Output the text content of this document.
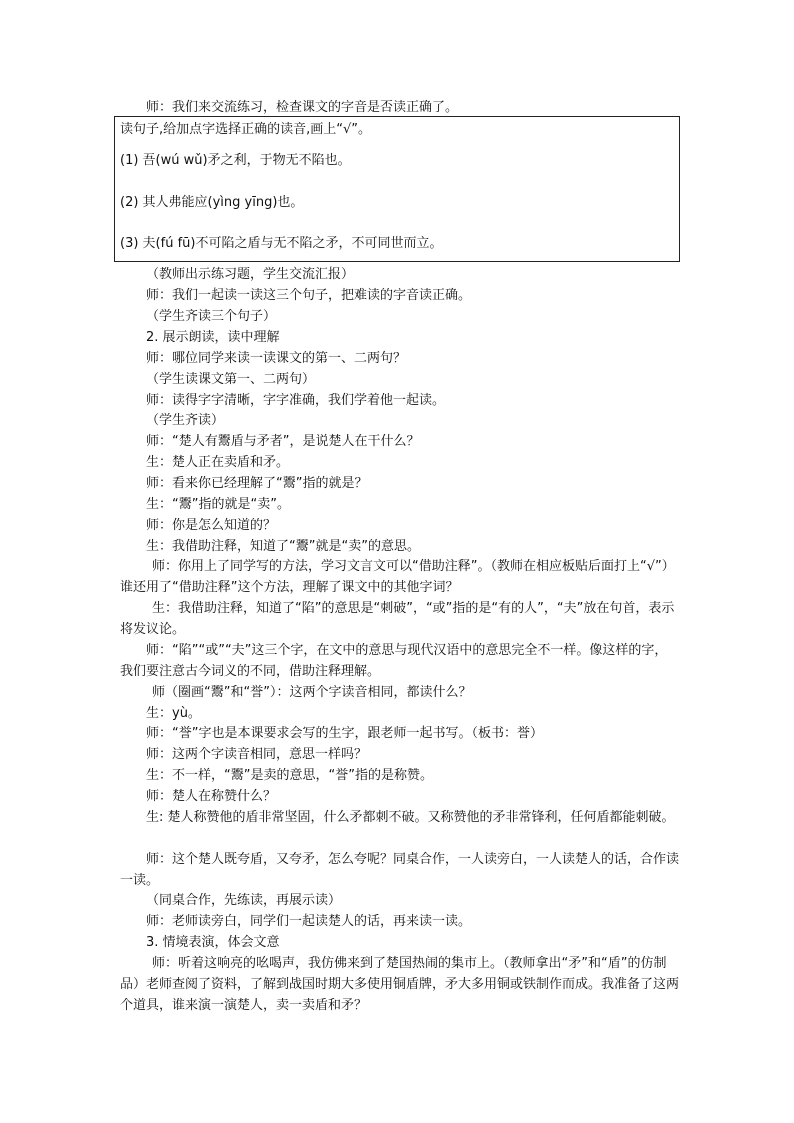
师：我们来交流练习，检查课文的字音是否读正确了。
读句子,给加点字选择正确的读音,画上“√”。
(1) 吾(wú wǔ)矛之利，于物无不陷也。
(2) 其人弗能应(yìng yīng)也。
(3) 夫(fú fū)不可陷之盾与无不陷之矛，不可同世而立。
（教师出示练习题，学生交流汇报）
师：我们一起读一读这三个句子，把难读的字音读正确。
（学生齐读三个句子）
2. 展示朗读，读中理解
师：哪位同学来读一读课文的第一、二两句？
（学生读课文第一、二两句）
师：读得字字清晰，字字准确，我们学着他一起读。
（学生齐读）
师：“楚人有鬻盾与矛者”，是说楚人在干什么？
生：楚人正在卖盾和矛。
师：看来你已经理解了“鬻”指的就是？
生：“鬻”指的就是“卖”。
师：你是怎么知道的？
生：我借助注释，知道了“鬻”就是“卖”的意思。
师：你用上了同学写的方法，学习文言文可以“借助注释”。（教师在相应板贴后面打上“√”）谁还用了“借助注释”这个方法，理解了课文中的其他字词？
生：我借助注释，知道了“陷”的意思是“刺破”，“或”指的是“有的人”，“夫”放在句首，表示将发议论。
师：“陷”“或”“夫”这三个字，在文中的意思与现代汉语中的意思完全不一样。像这样的字，我们要注意古今词义的不同，借助注释理解。
师（圈画“鬻”和“誉”）：这两个字读音相同，都读什么？
生：yù。
师：“誉”字也是本课要求会写的生字，跟老师一起书写。（板书：誉）
师：这两个字读音相同，意思一样吗？
生：不一样，“鬻”是卖的意思，“誉”指的是称赞。
师：楚人在称赞什么？
生: 楚人称赞他的盾非常坚固，什么矛都刺不破。又称赞他的矛非常锋利，任何盾都能刺破。
师：这个楚人既夸盾，又夸矛，怎么夸呢？同桌合作，一人读旁白，一人读楚人的话，合作读一读。
（同桌合作，先练读，再展示读）
师：老师读旁白，同学们一起读楚人的话，再来读一读。
3. 情境表演，体会文意
师：听着这响亮的吆喝声，我仿佛来到了楚国热闹的集市上。（教师拿出“矛”和“盾”的仿制品）老师查阅了资料，了解到战国时期大多使用铜盾牌，矛大多用铜或铁制作而成。我准备了这两个道具，谁来演一演楚人，卖一卖盾和矛？
